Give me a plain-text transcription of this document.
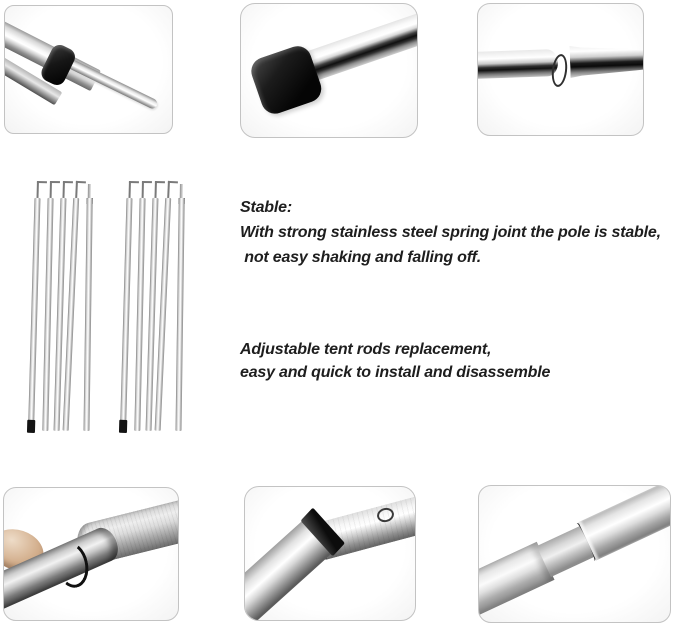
Stable:
With strong stainless steel spring joint the pole is stable,
not easy shaking and falling off.
Adjustable tent rods replacement,
easy and quick to install and disassemble
